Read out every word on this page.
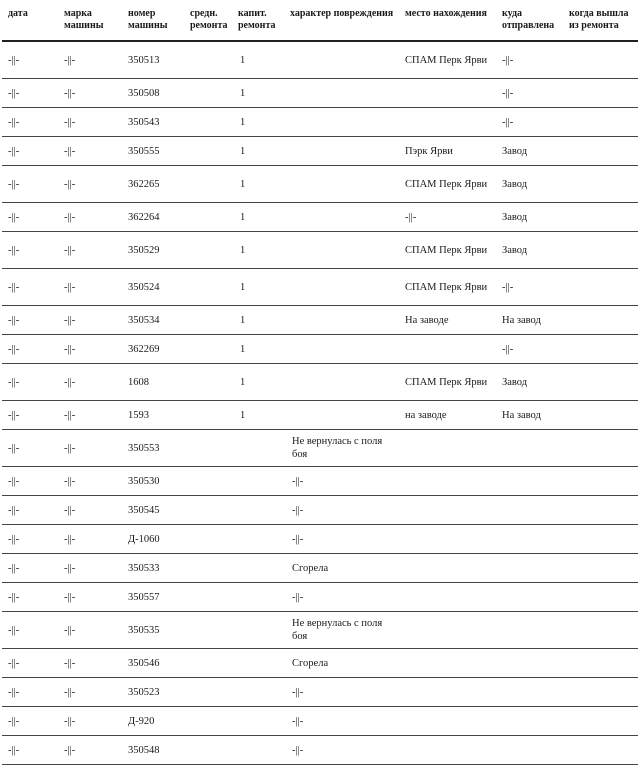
дата	марка машины	номер машины	средн. ремонта	капит. ремонта	характер повреждения	место нахождения	куда отправлена	когда вышла из ремонта
-||-	-||-	350513		1		СПАМ Перк Ярви	-||-	
-||-	-||-	350508		1			-||-	
-||-	-||-	350543		1			-||-	
-||-	-||-	350555		1		Пэрк Ярви	Завод	
-||-	-||-	362265		1		СПАМ Перк Ярви	Завод	
-||-	-||-	362264		1		-||-	Завод	
-||-	-||-	350529		1		СПАМ Перк Ярви	Завод	
-||-	-||-	350524		1		СПАМ Перк Ярви	-||-	
-||-	-||-	350534		1		На заводе	На завод	
-||-	-||-	362269		1			-||-	
-||-	-||-	1608		1		СПАМ Перк Ярви	Завод	
-||-	-||-	1593		1		на заводе	На завод	
-||-	-||-	350553			Не вернулась с поля боя			
-||-	-||-	350530			-||-			
-||-	-||-	350545			-||-			
-||-	-||-	Д-1060			-||-			
-||-	-||-	350533			Сгорела			
-||-	-||-	350557			-||-			
-||-	-||-	350535			Не вернулась с поля боя			
-||-	-||-	350546			Сгорела			
-||-	-||-	350523			-||-			
-||-	-||-	Д-920			-||-			
-||-	-||-	350548			-||-			
